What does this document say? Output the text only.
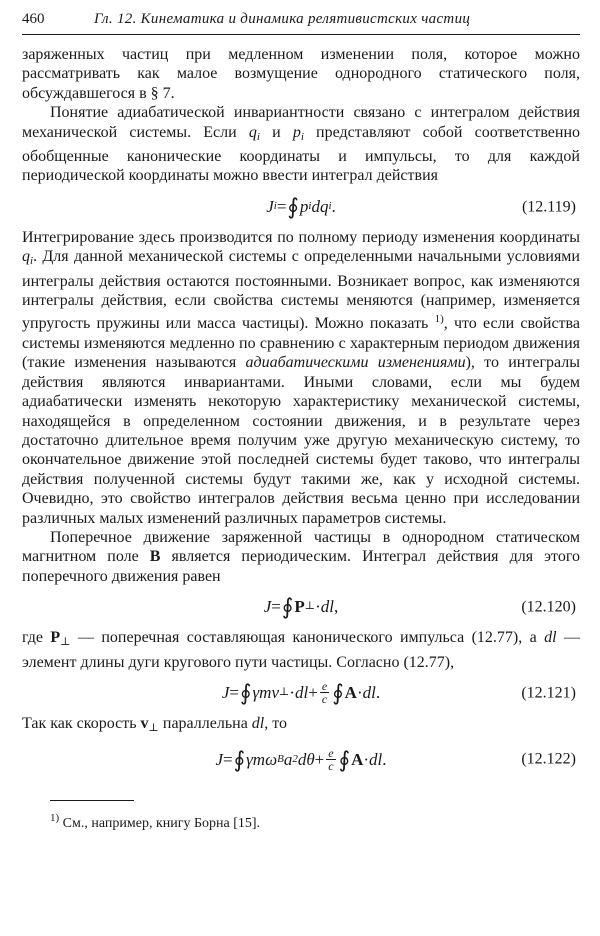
460	Гл. 12. Кинематика и динамика релятивистских частиц

заряженных частиц при медленном изменении поля, которое можно рассматривать как малое возмущение однородного статического поля, обсуждавшегося в § 7.

Понятие адиабатической инвариантности связано с интегралом действия механической системы. Если $q_i$ и $p_i$ представляют собой соответственно обобщенные канонические координаты и импульсы, то для каждой периодической координаты можно ввести интеграл действия

J i = ∮ p i dq i .	(12.119)

Интегрирование здесь производится по полному периоду изменения координаты $q_i$. Для данной механической системы с определенными начальными условиями интегралы действия остаются постоянными. Возникает вопрос, как изменяются интегралы действия, если свойства системы меняются (например, изменяется упругость пружины или масса частицы). Можно показать $^{1)}$, что если свойства системы изменяются медленно по сравнению с характерным периодом движения (такие изменения называются адиабатическими изменениями), то интегралы действия являются инвариантами. Иными словами, если мы будем адиабатически изменять некоторую характеристику механической системы, находящейся в определенном состоянии движения, и в результате через достаточно длительное время получим уже другую механическую систему, то окончательное движение этой последней системы будет таково, что интегралы действия полученной системы будут такими же, как у исходной системы. Очевидно, это свойство интегралов действия весьма ценно при исследовании различных малых изменений различных параметров системы.

Поперечное движение заряженной частицы в однородном статическом магнитном поле B является периодическим. Интеграл действия для этого поперечного движения равен

J = ∮ P ⊥ · dl ,	(12.120)

где $P_\perp$ — поперечная составляющая канонического импульса (12.77), а dl — элемент длины дуги кругового пути частицы. Согласно (12.77),

J = ∮ γmv ⊥ · dl + $\frac{e}{c}$ ∮ A · dl .	(12.121)

Так как скорость $v_\perp$ параллельна dl, то

J = ∮ γmω B a 2 $d\theta + \frac{e}{c}$ ∮ A · dl .	(12.122)

$^{1)}$ См., например, книгу Борна [15].
